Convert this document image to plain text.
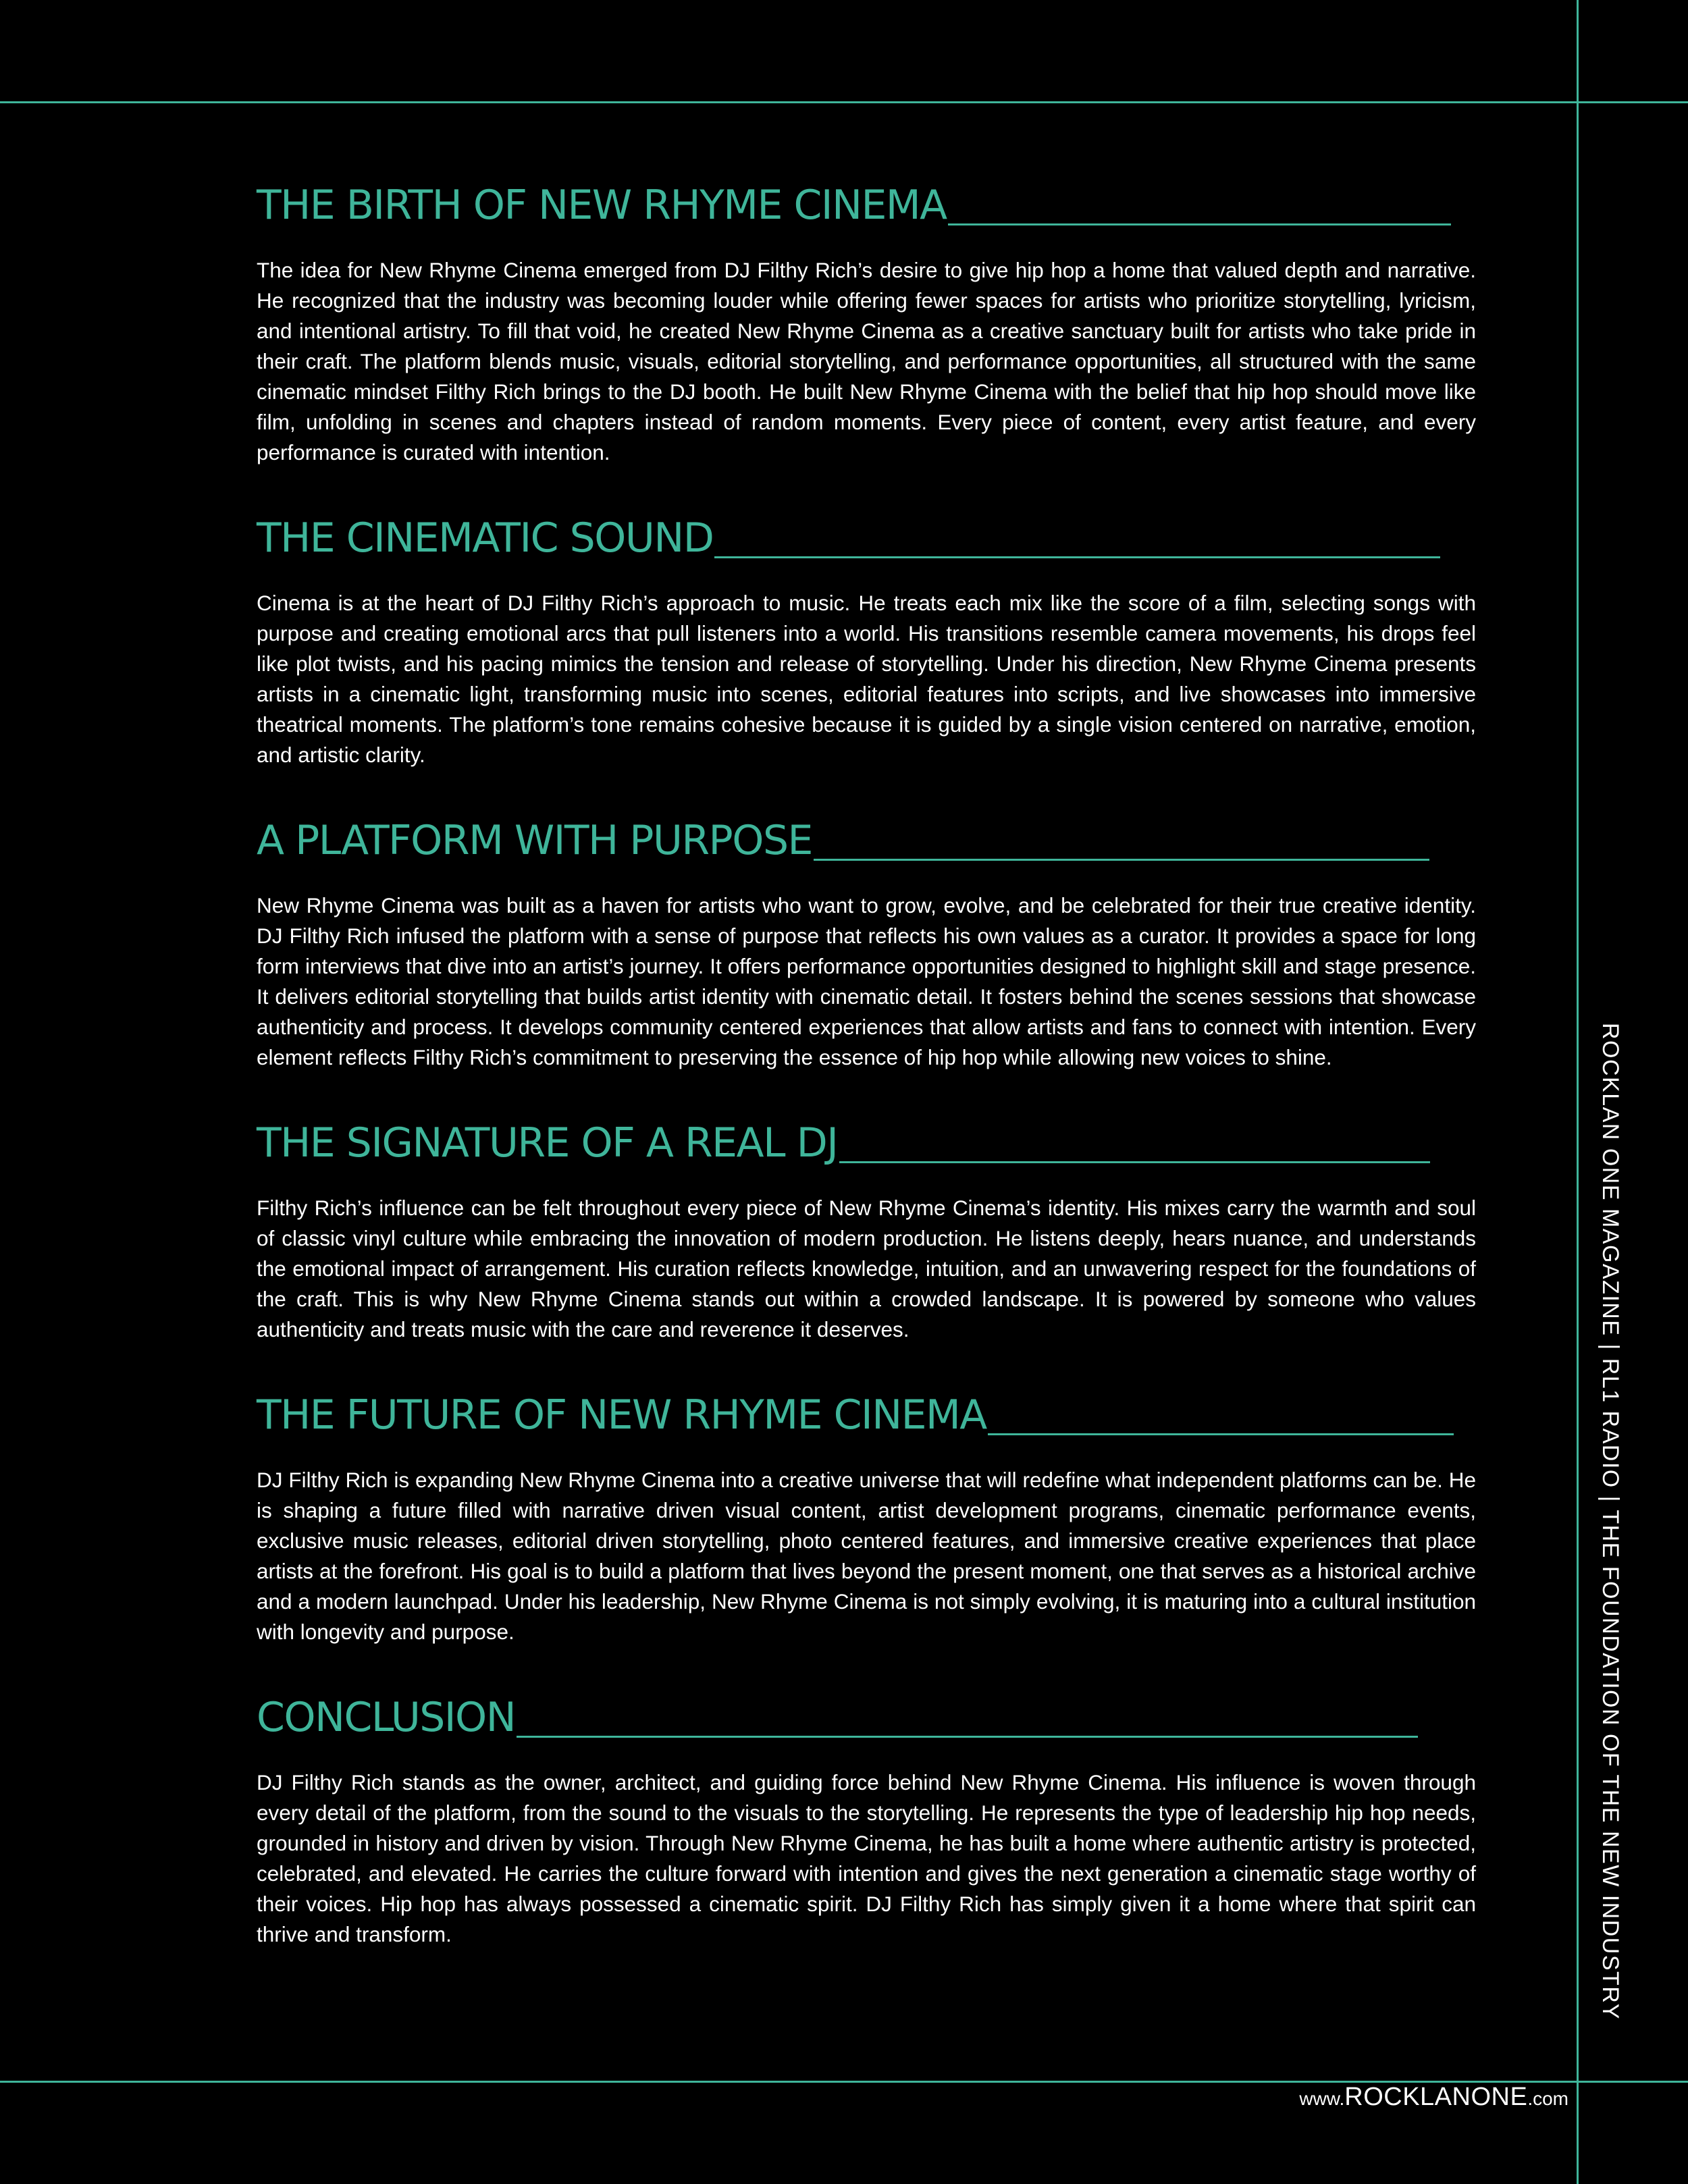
THE BIRTH OF NEW RHYME CINEMA

The idea for New Rhyme Cinema emerged from DJ Filthy Rich’s desire to give hip hop a home that valued depth and narrative. He recognized that the industry was becoming louder while offering fewer spaces for artists who prioritize storytelling, lyricism, and intentional artistry. To fill that void, he created New Rhyme Cinema as a creative sanctuary built for artists who take pride in their craft. The platform blends music, visuals, editorial storytelling, and performance opportunities, all structured with the same cinematic mindset Filthy Rich brings to the DJ booth. He built New Rhyme Cinema with the belief that hip hop should move like film, unfolding in scenes and chapters instead of random moments. Every piece of content, every artist feature, and every performance is curated with intention.

THE CINEMATIC SOUND

Cinema is at the heart of DJ Filthy Rich’s approach to music. He treats each mix like the score of a film, selecting songs with purpose and creating emotional arcs that pull listeners into a world. His transitions resemble camera movements, his drops feel like plot twists, and his pacing mimics the tension and release of storytelling. Under his direction, New Rhyme Cinema presents artists in a cinematic light, transforming music into scenes, editorial features into scripts, and live showcases into immersive theatrical moments. The platform’s tone remains cohesive because it is guided by a single vision centered on narrative, emotion, and artistic clarity.

A PLATFORM WITH PURPOSE

New Rhyme Cinema was built as a haven for artists who want to grow, evolve, and be celebrated for their true creative identity. DJ Filthy Rich infused the platform with a sense of purpose that reflects his own values as a curator. It provides a space for long form interviews that dive into an artist’s journey. It offers performance opportunities designed to highlight skill and stage presence. It delivers editorial storytelling that builds artist identity with cinematic detail. It fosters behind the scenes sessions that showcase authenticity and process. It develops community centered experiences that allow artists and fans to connect with intention. Every element reflects Filthy Rich’s commitment to preserving the essence of hip hop while allowing new voices to shine.

THE SIGNATURE OF A REAL DJ

Filthy Rich’s influence can be felt throughout every piece of New Rhyme Cinema’s identity. His mixes carry the warmth and soul of classic vinyl culture while embracing the innovation of modern production. He listens deeply, hears nuance, and understands the emotional impact of arrangement. His curation reflects knowledge, intuition, and an unwavering respect for the foundations of the craft. This is why New Rhyme Cinema stands out within a crowded landscape. It is powered by someone who values authenticity and treats music with the care and reverence it deserves.

THE FUTURE OF NEW RHYME CINEMA

DJ Filthy Rich is expanding New Rhyme Cinema into a creative universe that will redefine what independent platforms can be. He is shaping a future filled with narrative driven visual content, artist development programs, cinematic performance events, exclusive music releases, editorial driven storytelling, photo centered features, and immersive creative experiences that place artists at the forefront. His goal is to build a platform that lives beyond the present moment, one that serves as a historical archive and a modern launchpad. Under his leadership, New Rhyme Cinema is not simply evolving, it is maturing into a cultural institution with longevity and purpose.

CONCLUSION

DJ Filthy Rich stands as the owner, architect, and guiding force behind New Rhyme Cinema. His influence is woven through every detail of the platform, from the sound to the visuals to the storytelling. He represents the type of leadership hip hop needs, grounded in history and driven by vision. Through New Rhyme Cinema, he has built a home where authentic artistry is protected, celebrated, and elevated. He carries the culture forward with intention and gives the next generation a cinematic stage worthy of their voices. Hip hop has always possessed a cinematic spirit. DJ Filthy Rich has simply given it a home where that spirit can thrive and transform.	ROCKLAN ONE MAGAZINE | RL1 RADIO | THE FOUNDATION OF THE NEW INDUSTRY
www.ROCKLANONE.com
